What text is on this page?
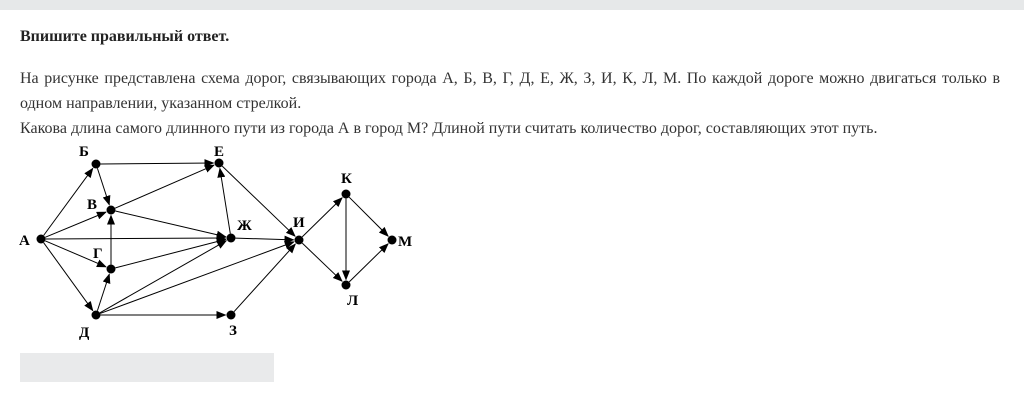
Впишите правильный ответ.

На рисунке представлена схема дорог, связывающих города А, Б, В, Г, Д, Е, Ж, З, И, К, Л, М. По каждой дороге можно двигаться только в одном направлении, указанном стрелкой.

Какова длина самого длинного пути из города А в город М? Длиной пути считать количество дорог, составляющих этот путь.

А
Б
В
Г
Д
Е
Ж
З
И
К
Л
М
